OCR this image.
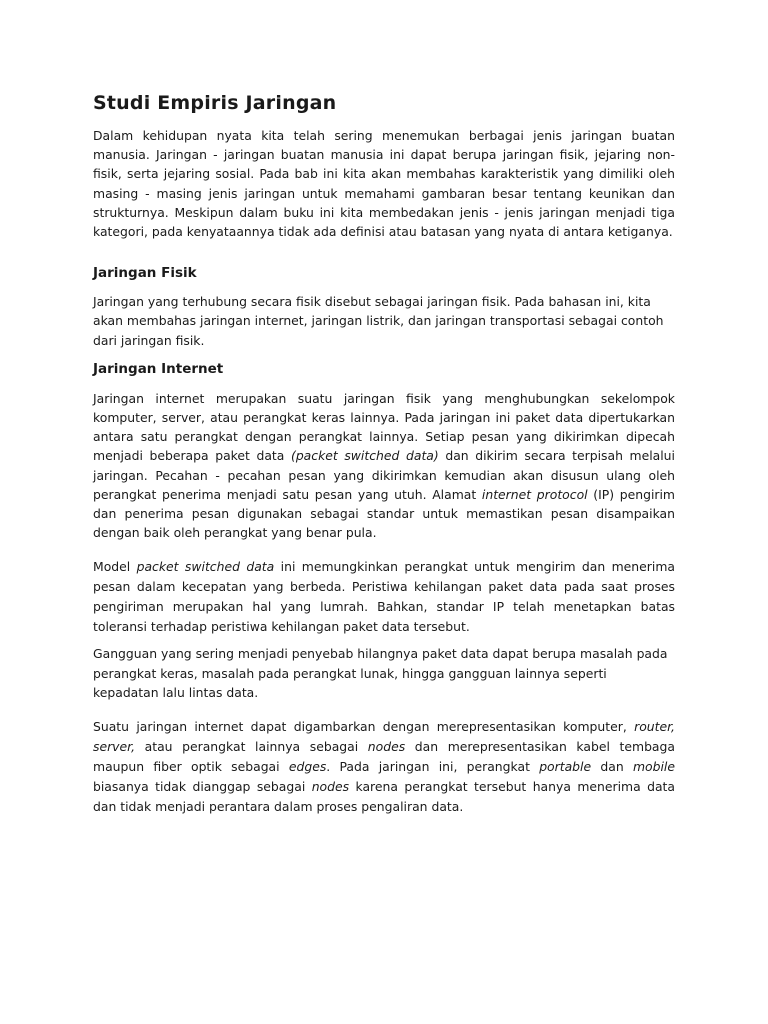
Studi Empiris Jaringan

Dalam kehidupan nyata kita telah sering menemukan berbagai jenis jaringan buatan manusia. Jaringan - jaringan buatan manusia ini dapat berupa jaringan fisik, jejaring non-fisik, serta jejaring sosial. Pada bab ini kita akan membahas karakteristik yang dimiliki oleh masing - masing jenis jaringan untuk memahami gambaran besar tentang keunikan dan strukturnya. Meskipun dalam buku ini kita membedakan jenis - jenis jaringan menjadi tiga kategori, pada kenyataannya tidak ada definisi atau batasan yang nyata di antara ketiganya.

Jaringan Fisik

Jaringan yang terhubung secara fisik disebut sebagai jaringan fisik. Pada bahasan ini, kita akan membahas jaringan internet, jaringan listrik, dan jaringan transportasi sebagai contoh dari jaringan fisik.

Jaringan Internet

Jaringan internet merupakan suatu jaringan fisik yang menghubungkan sekelompok komputer, server, atau perangkat keras lainnya. Pada jaringan ini paket data dipertukarkan antara satu perangkat dengan perangkat lainnya. Setiap pesan yang dikirimkan dipecah menjadi beberapa paket data (packet switched data) dan dikirim secara terpisah melalui jaringan. Pecahan - pecahan pesan yang dikirimkan kemudian akan disusun ulang oleh perangkat penerima menjadi satu pesan yang utuh. Alamat internet protocol (IP) pengirim dan penerima pesan digunakan sebagai standar untuk memastikan pesan disampaikan dengan baik oleh perangkat yang benar pula.

Model packet switched data ini memungkinkan perangkat untuk mengirim dan menerima pesan dalam kecepatan yang berbeda. Peristiwa kehilangan paket data pada saat proses pengiriman merupakan hal yang lumrah. Bahkan, standar IP telah menetapkan batas toleransi terhadap peristiwa kehilangan paket data tersebut.

Gangguan yang sering menjadi penyebab hilangnya paket data dapat berupa masalah pada perangkat keras, masalah pada perangkat lunak, hingga gangguan lainnya seperti kepadatan lalu lintas data.

Suatu jaringan internet dapat digambarkan dengan merepresentasikan komputer, router, server, atau perangkat lainnya sebagai nodes dan merepresentasikan kabel tembaga maupun fiber optik sebagai edges. Pada jaringan ini, perangkat portable dan mobile biasanya tidak dianggap sebagai nodes karena perangkat tersebut hanya menerima data dan tidak menjadi perantara dalam proses pengaliran data.
